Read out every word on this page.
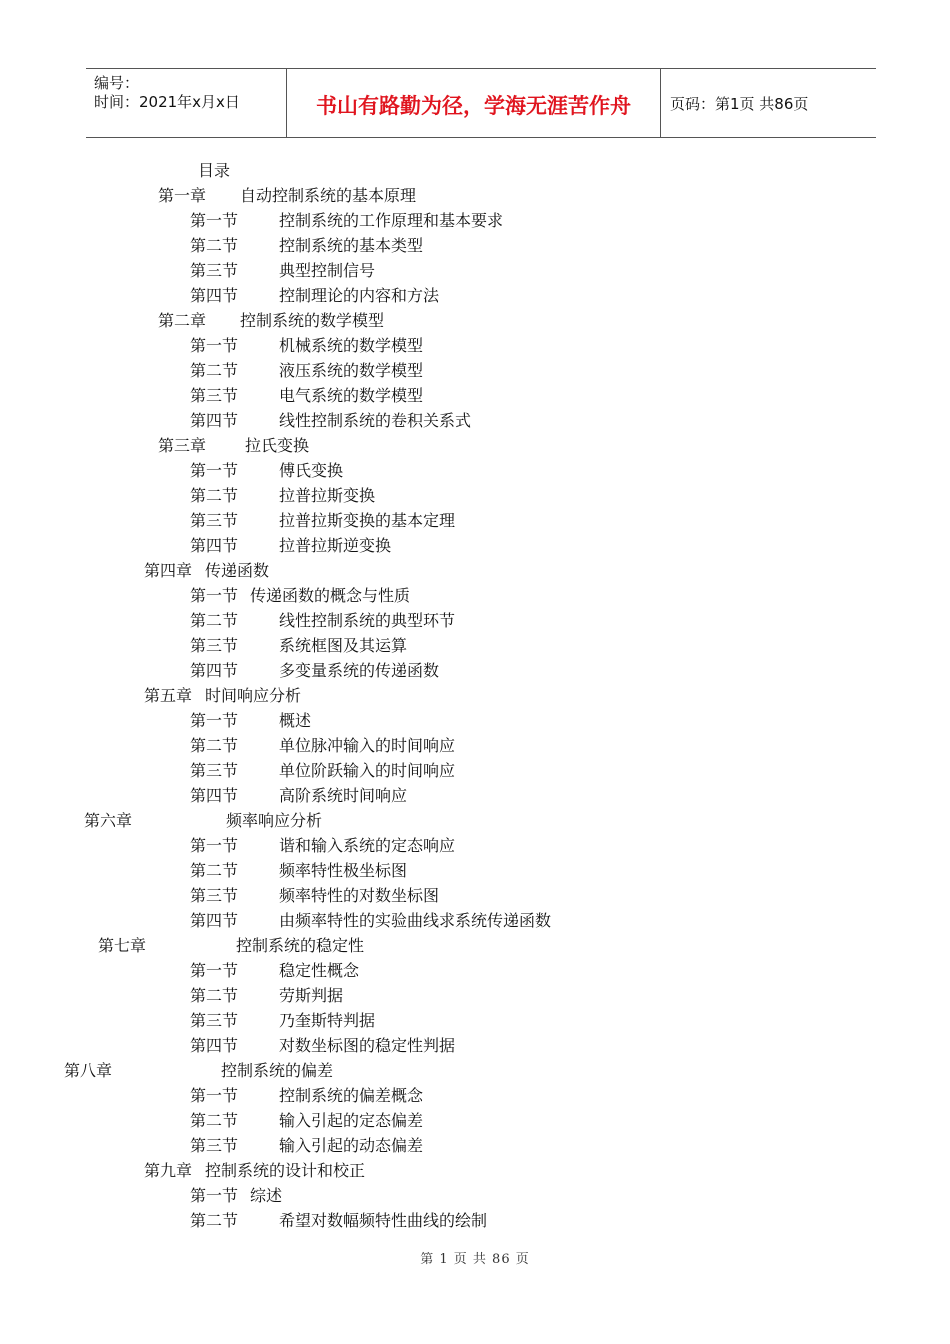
编号：
时间：2021年x月x日	书山有路勤为径，学海无涯苦作舟	页码：第1页 共86页
目录
第一章 自动控制系统的基本原理
第一节	控制系统的工作原理和基本要求
第二节	控制系统的基本类型
第三节	典型控制信号
第四节	控制理论的内容和方法
第二章 控制系统的数学模型
第一节	机械系统的数学模型
第二节	液压系统的数学模型
第三节	电气系统的数学模型
第四节	线性控制系统的卷积关系式
第三章 拉氏变换
第一节	傅氏变换
第二节	拉普拉斯变换
第三节	拉普拉斯变换的基本定理
第四节	拉普拉斯逆变换
第四章 传递函数
第一节 传递函数的概念与性质
第二节	线性控制系统的典型环节
第三节	系统框图及其运算
第四节	多变量系统的传递函数
第五章 时间响应分析
第一节	概述
第二节	单位脉冲输入的时间响应
第三节	单位阶跃输入的时间响应
第四节	高阶系统时间响应
第六章	频率响应分析
第一节	谐和输入系统的定态响应
第二节	频率特性极坐标图
第三节	频率特性的对数坐标图
第四节	由频率特性的实验曲线求系统传递函数
第七章	控制系统的稳定性
第一节	稳定性概念
第二节	劳斯判据
第三节	乃奎斯特判据
第四节	对数坐标图的稳定性判据
第八章	控制系统的偏差
第一节	控制系统的偏差概念
第二节	输入引起的定态偏差
第三节	输入引起的动态偏差
第九章 控制系统的设计和校正
第一节 综述
第二节	希望对数幅频特性曲线的绘制
第 1 页 共 86 页
